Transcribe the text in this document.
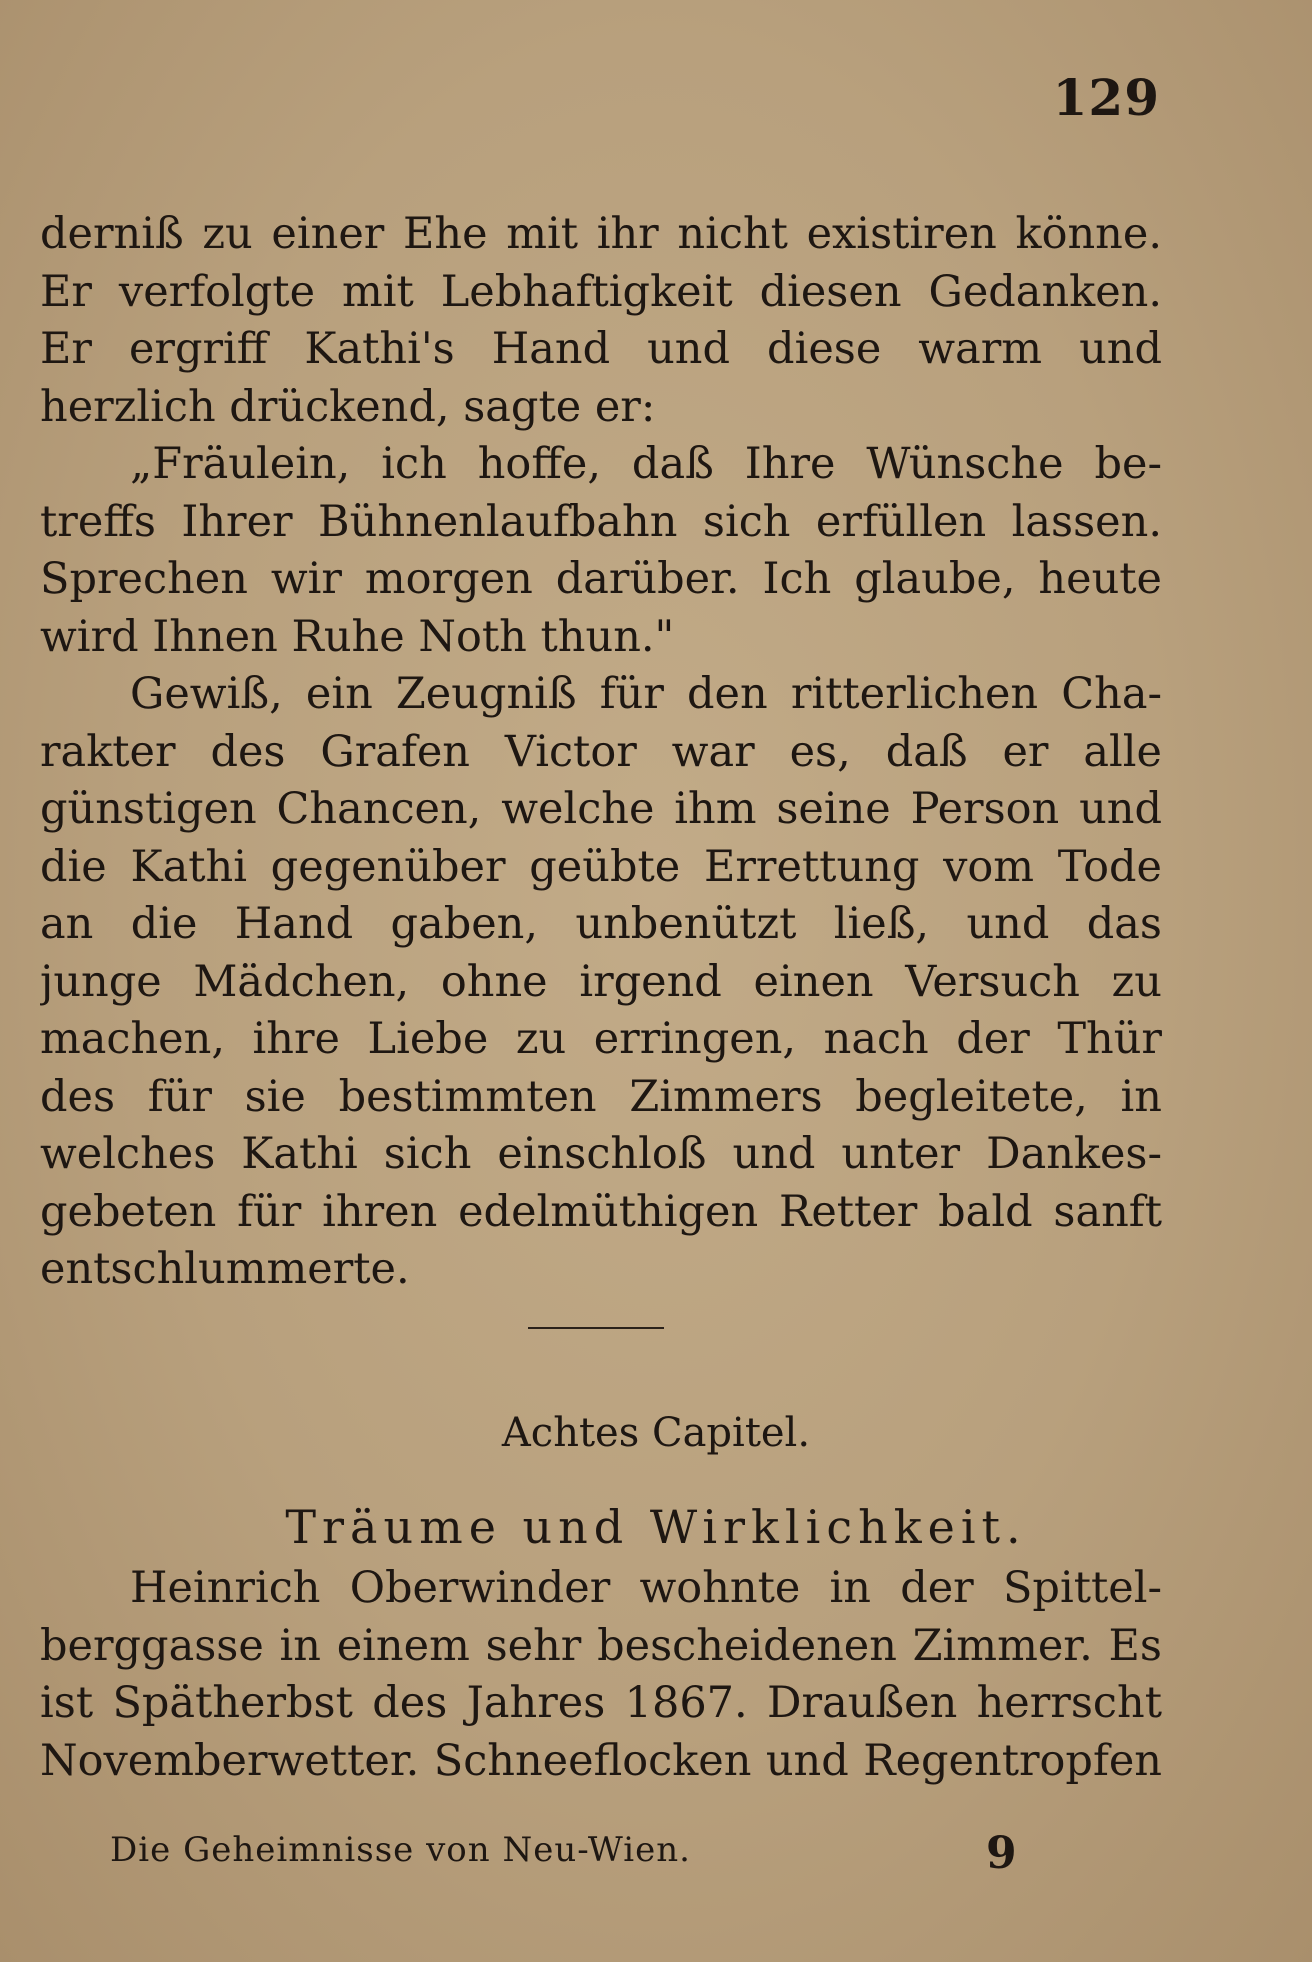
129
derniß zu einer Ehe mit ihr nicht existiren könne.
Er verfolgte mit Lebhaftigkeit diesen Gedanken.
Er ergriff Kathi's Hand und diese warm und
herzlich drückend, sagte er:
„Fräulein, ich hoffe, daß Ihre Wünsche be-
treffs Ihrer Bühnenlaufbahn sich erfüllen lassen.
Sprechen wir morgen darüber. Ich glaube, heute
wird Ihnen Ruhe Noth thun."
Gewiß, ein Zeugniß für den ritterlichen Cha-
rakter des Grafen Victor war es, daß er alle
günstigen Chancen, welche ihm seine Person und
die Kathi gegenüber geübte Errettung vom Tode
an die Hand gaben, unbenützt ließ, und das
junge Mädchen, ohne irgend einen Versuch zu
machen, ihre Liebe zu erringen, nach der Thür
des für sie bestimmten Zimmers begleitete, in
welches Kathi sich einschloß und unter Dankes-
gebeten für ihren edelmüthigen Retter bald sanft
entschlummerte.
Achtes Capitel.
Träume und Wirklichkeit.
Heinrich Oberwinder wohnte in der Spittel-
berggasse in einem sehr bescheidenen Zimmer. Es
ist Spätherbst des Jahres 1867. Draußen herrscht
Novemberwetter. Schneeflocken und Regentropfen
Die Geheimnisse von Neu-Wien.	9
